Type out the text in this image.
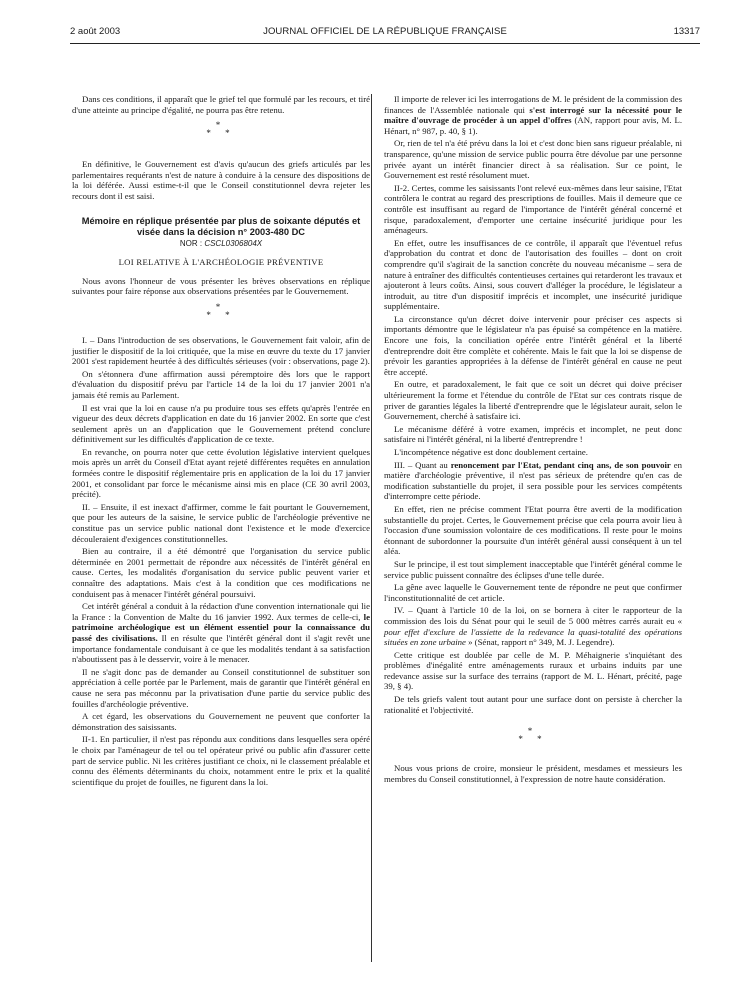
2 août 2003	JOURNAL OFFICIEL DE LA RÉPUBLIQUE FRANÇAISE	13317

Dans ces conditions, il apparaît que le grief tel que formulé par les recours, et tiré d'une atteinte au principe d'égalité, ne pourra pas être retenu.

*
* *

En définitive, le Gouvernement est d'avis qu'aucun des griefs articulés par les parlementaires requérants n'est de nature à conduire à la censure des dispositions de la loi déférée. Aussi estime-t-il que le Conseil constitutionnel devra rejeter les recours dont il est saisi.

Mémoire en réplique présentée par plus de soixante députés et visée dans la décision n° 2003-480 DC
NOR : CSCL0306804X
LOI RELATIVE À L'ARCHÉOLOGIE PRÉVENTIVE

Nous avons l'honneur de vous présenter les brèves observations en réplique suivantes pour faire réponse aux observations présentées par le Gouvernement.

*
* *

I. – Dans l'introduction de ses observations, le Gouvernement fait valoir, afin de justifier le dispositif de la loi critiquée, que la mise en œuvre du texte du 17 janvier 2001 s'est rapidement heurtée à des difficultés sérieuses (voir : observations, page 2).

On s'étonnera d'une affirmation aussi péremptoire dès lors que le rapport d'évaluation du dispositif prévu par l'article 14 de la loi du 17 janvier 2001 n'a jamais été remis au Parlement.

Il est vrai que la loi en cause n'a pu produire tous ses effets qu'après l'entrée en vigueur des deux décrets d'application en date du 16 janvier 2002. En sorte que c'est seulement après un an d'application que le Gouvernement prétend conclure définitivement sur les difficultés d'application de ce texte.

En revanche, on pourra noter que cette évolution législative intervient quelques mois après un arrêt du Conseil d'Etat ayant rejeté différentes requêtes en annulation formées contre le dispositif réglementaire pris en application de la loi du 17 janvier 2001, et consolidant par force le mécanisme ainsi mis en place (CE 30 avril 2003, précité).

II. – Ensuite, il est inexact d'affirmer, comme le fait pourtant le Gouvernement, que pour les auteurs de la saisine, le service public de l'archéologie préventive ne constitue pas un service public national dont l'existence et le mode d'exercice découleraient d'exigences constitutionnelles.

Bien au contraire, il a été démontré que l'organisation du service public déterminée en 2001 permettait de répondre aux nécessités de l'intérêt général en cause. Certes, les modalités d'organisation du service public peuvent varier et connaître des adaptations. Mais c'est à la condition que ces modifications ne conduisent pas à menacer l'intérêt général poursuivi.

Cet intérêt général a conduit à la rédaction d'une convention internationale qui lie la France : la Convention de Malte du 16 janvier 1992. Aux termes de celle-ci, le patrimoine archéologique est un élément essentiel pour la connaissance du passé des civilisations. Il en résulte que l'intérêt général dont il s'agit revêt une importance fondamentale conduisant à ce que les modalités tendant à sa satisfaction n'aboutissent pas à le desservir, voire à le menacer.

Il ne s'agit donc pas de demander au Conseil constitutionnel de substituer son appréciation à celle portée par le Parlement, mais de garantir que l'intérêt général en cause ne sera pas méconnu par la privatisation d'une partie du service public des fouilles d'archéologie préventive.

A cet égard, les observations du Gouvernement ne peuvent que conforter la démonstration des saisissants.

II-1. En particulier, il n'est pas répondu aux conditions dans lesquelles sera opéré le choix par l'aménageur de tel ou tel opérateur privé ou public afin d'assurer cette part de service public. Ni les critères justifiant ce choix, ni le classement préalable et connu des éléments déterminants du choix, notamment entre le prix et la qualité scientifique du projet de fouilles, ne figurent dans la loi.

Il importe de relever ici les interrogations de M. le président de la commission des finances de l'Assemblée nationale qui s'est interrogé sur la nécessité pour le maître d'ouvrage de procéder à un appel d'offres (AN, rapport pour avis, M. L. Hénart, n° 987, p. 40, § 1).

Or, rien de tel n'a été prévu dans la loi et c'est donc bien sans rigueur préalable, ni transparence, qu'une mission de service public pourra être dévolue par une personne privée ayant un intérêt financier direct à sa réalisation. Sur ce point, le Gouvernement est resté résolument muet.

II-2. Certes, comme les saisissants l'ont relevé eux-mêmes dans leur saisine, l'Etat contrôlera le contrat au regard des prescriptions de fouilles. Mais il demeure que ce contrôle est insuffisant au regard de l'importance de l'intérêt général concerné et risque, paradoxalement, d'emporter une certaine insécurité juridique pour les aménageurs.

En effet, outre les insuffisances de ce contrôle, il apparaît que l'éventuel refus d'approbation du contrat et donc de l'autorisation des fouilles – dont on croit comprendre qu'il s'agirait de la sanction concrète du nouveau mécanisme – sera de nature à entraîner des difficultés contentieuses certaines qui retarderont les travaux et ajouteront à leurs coûts. Ainsi, sous couvert d'alléger la procédure, le législateur a introduit, au titre d'un dispositif imprécis et incomplet, une insécurité juridique supplémentaire.

La circonstance qu'un décret doive intervenir pour préciser ces aspects si importants démontre que le législateur n'a pas épuisé sa compétence en la matière. Encore une fois, la conciliation opérée entre l'intérêt général et la liberté d'entreprendre doit être complète et cohérente. Mais le fait que la loi se dispense de prévoir les garanties appropriées à la défense de l'intérêt général en cause ne peut être accepté.

En outre, et paradoxalement, le fait que ce soit un décret qui doive préciser ultérieurement la forme et l'étendue du contrôle de l'Etat sur ces contrats risque de priver de garanties légales la liberté d'entreprendre que le législateur aurait, selon le Gouvernement, cherché à satisfaire ici.

Le mécanisme déféré à votre examen, imprécis et incomplet, ne peut donc satisfaire ni l'intérêt général, ni la liberté d'entreprendre !

L'incompétence négative est donc doublement certaine.

III. – Quant au renoncement par l'Etat, pendant cinq ans, de son pouvoir en matière d'archéologie préventive, il n'est pas sérieux de prétendre qu'en cas de modification substantielle du projet, il sera possible pour les services compétents d'interrompre cette période.

En effet, rien ne précise comment l'Etat pourra être averti de la modification substantielle du projet. Certes, le Gouvernement précise que cela pourra avoir lieu à l'occasion d'une soumission volontaire de ces modifications. Il reste pour le moins étonnant de subordonner la poursuite d'un intérêt général aussi conséquent à un tel aléa.

Sur le principe, il est tout simplement inacceptable que l'intérêt général comme le service public puissent connaître des éclipses d'une telle durée.

La gêne avec laquelle le Gouvernement tente de répondre ne peut que confirmer l'inconstitutionnalité de cet article.

IV. – Quant à l'article 10 de la loi, on se bornera à citer le rapporteur de la commission des lois du Sénat pour qui le seuil de 5 000 mètres carrés aurait eu « pour effet d'exclure de l'assiette de la redevance la quasi-totalité des opérations situées en zone urbaine » (Sénat, rapport n° 349, M. J. Legendre).

Cette critique est doublée par celle de M. P. Méhaignerie s'inquiétant des problèmes d'inégalité entre aménagements ruraux et urbains induits par une redevance assise sur la surface des terrains (rapport de M. L. Hénart, précité, page 39, § 4).

De tels griefs valent tout autant pour une surface dont on persiste à chercher la rationalité et l'objectivité.

*
* *

Nous vous prions de croire, monsieur le président, mesdames et messieurs les membres du Conseil constitutionnel, à l'expression de notre haute considération.
